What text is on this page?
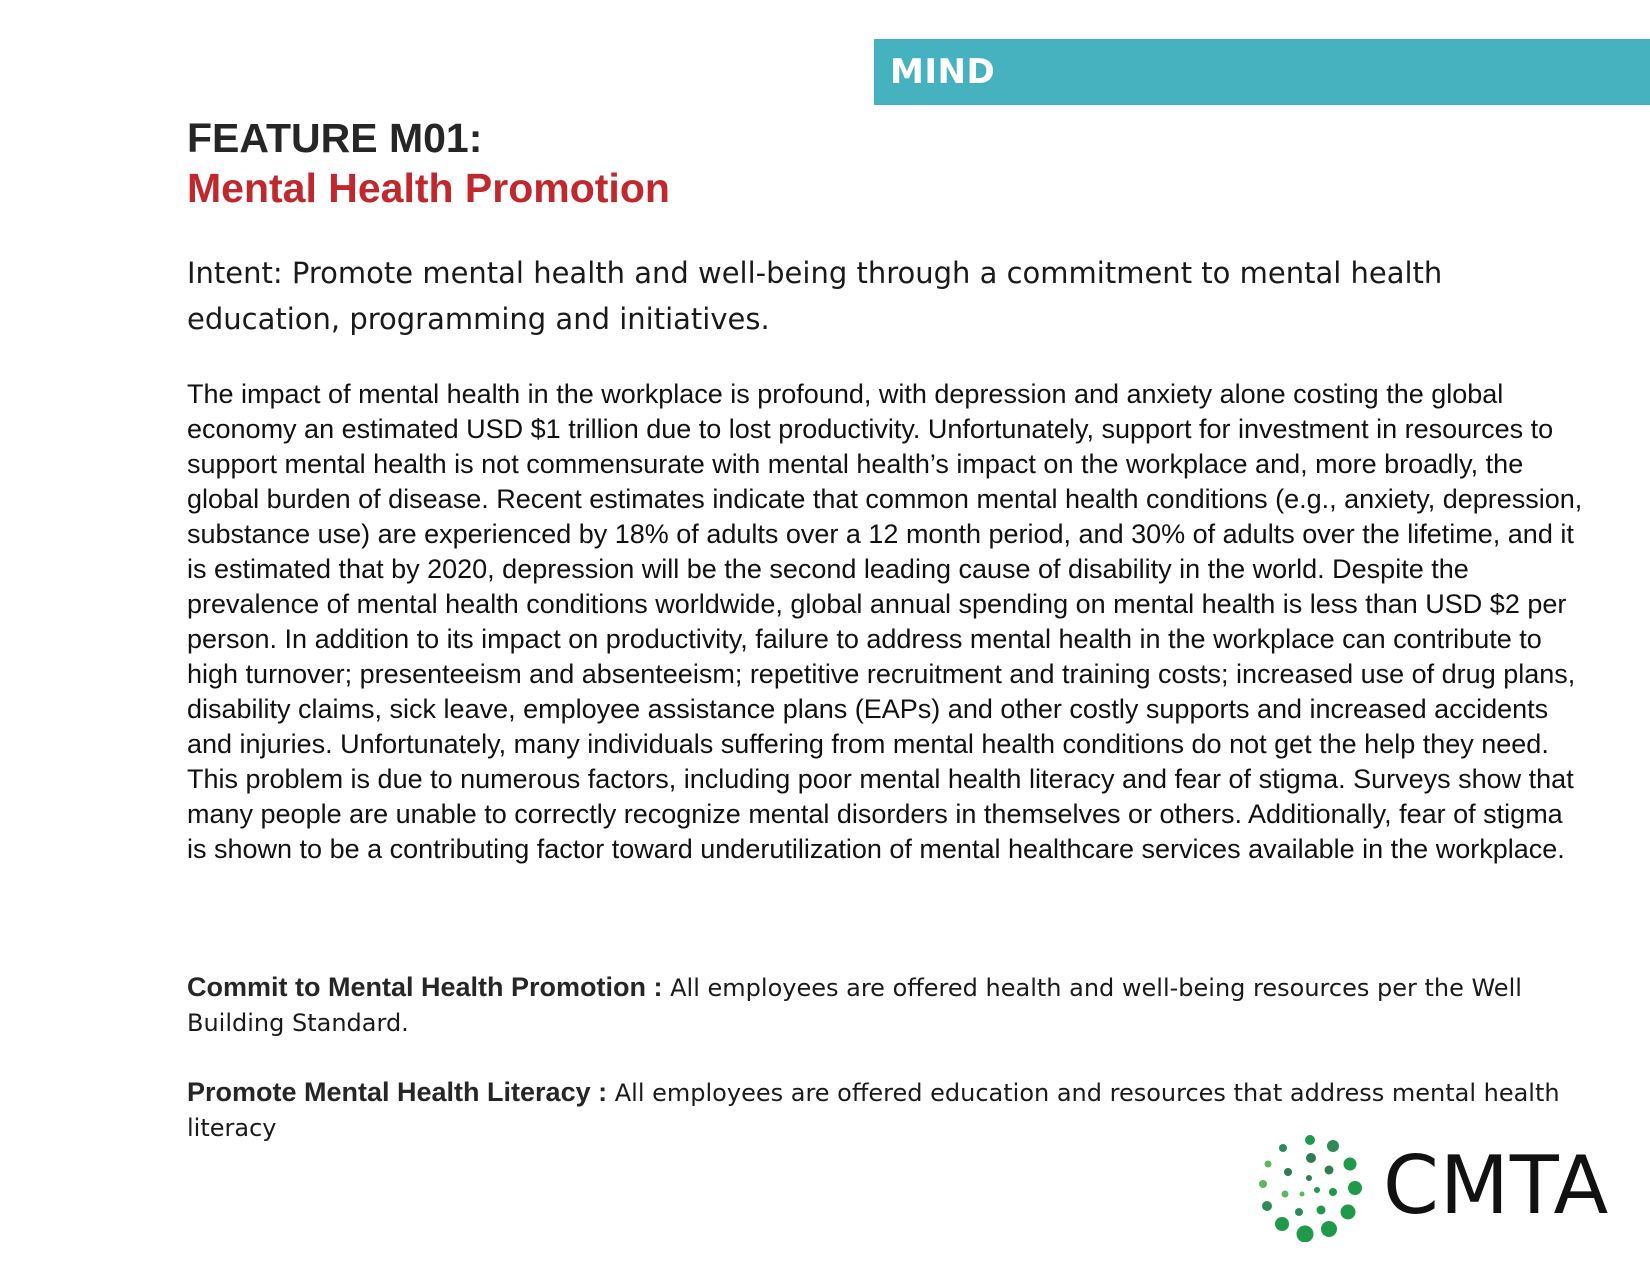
MIND
FEATURE M01:
Mental Health Promotion
Intent: Promote mental health and well-being through a commitment to mental health education, programming and initiatives.
The impact of mental health in the workplace is profound, with depression and anxiety alone costing the global economy an estimated USD $1 trillion due to lost productivity. Unfortunately, support for investment in resources to support mental health is not commensurate with mental health’s impact on the workplace and, more broadly, the global burden of disease. Recent estimates indicate that common mental health conditions (e.g., anxiety, depression, substance use) are experienced by 18% of adults over a 12 month period, and 30% of adults over the lifetime, and it is estimated that by 2020, depression will be the second leading cause of disability in the world. Despite the prevalence of mental health conditions worldwide, global annual spending on mental health is less than USD $2 per person. In addition to its impact on productivity, failure to address mental health in the workplace can contribute to high turnover; presenteeism and absenteeism; repetitive recruitment and training costs; increased use of drug plans, disability claims, sick leave, employee assistance plans (EAPs) and other costly supports and increased accidents and injuries. Unfortunately, many individuals suffering from mental health conditions do not get the help they need. This problem is due to numerous factors, including poor mental health literacy and fear of stigma. Surveys show that many people are unable to correctly recognize mental disorders in themselves or others. Additionally, fear of stigma is shown to be a contributing factor toward underutilization of mental healthcare services available in the workplace.
Commit to Mental Health Promotion : All employees are offered health and well-being resources per the Well Building Standard.
Promote Mental Health Literacy : All employees are offered education and resources that address mental health literacy
CMTA
